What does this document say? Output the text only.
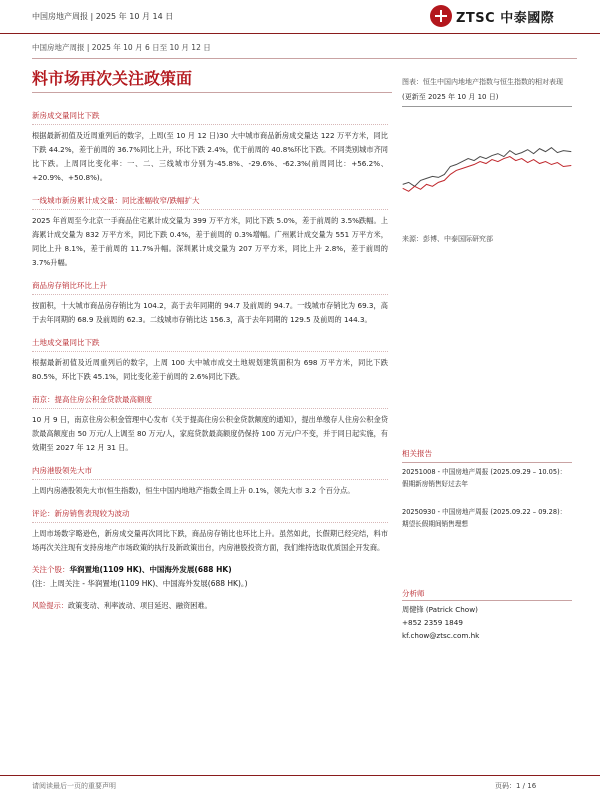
中国房地产周报 | 2025 年 10 月 14 日	ZTSC 中泰國際
中国房地产周报 | 2025 年 10 月 6 日至 10 月 12 日
料市场再次关注政策面
新房成交量同比下跌
根据最新初值及近周重列后的数字，上周(至 10 月 12 日)30 大中城市商品新房成交量达 122 万平方米，同比下跌 44.2%，差于前周的 36.7%同比上升，环比下跌 2.4%，优于前周的 40.8%环比下跌。不同类别城市齐同比下跌。上周同比变化率：一、二、三线城市分别为-45.8%、-29.6%、-62.3%(前周同比：+56.2%、+20.9%、+50.8%)。
一线城市新房累计成交量：同比涨幅收窄/跌幅扩大
2025 年首周至今北京一手商品住宅累计成交量为 399 万平方米，同比下跌 5.0%，差于前周的 3.5%跌幅。上海累计成交量为 832 万平方米，同比下跌 0.4%，差于前周的 0.3%增幅。广州累计成交量为 551 万平方米，同比上升 8.1%，差于前周的 11.7%升幅。深圳累计成交量为 207 万平方米，同比上升 2.8%，差于前周的 3.7%升幅。
商品房存销比环比上升
按面积，十大城市商品房存销比为 104.2，高于去年同期的 94.7 及前周的 94.7。一线城市存销比为 69.3，高于去年同期的 68.9 及前周的 62.3。二线城市存销比达 156.3，高于去年同期的 129.5 及前周的 144.3。
土地成交量同比下跌
根据最新初值及近周重列后的数字，上周 100 大中城市成交土地规划建筑面积为 698 万平方米，同比下跌 80.5%，环比下跌 45.1%，同比变化差于前周的 2.6%同比下跌。
南京：提高住房公积金贷款最高额度
10 月 9 日，南京住房公积金管理中心发布《关于提高住房公积金贷款额度的通知》，提出单缴存人住房公积金贷款最高额度由 50 万元/人上调至 80 万元/人，家庭贷款最高额度仍保持 100 万元/户不变，并于同日起实施，有效期至 2027 年 12 月 31 日。
内房港股领先大市
上周内房港股领先大市(恒生指数)，恒生中国内地地产指数全周上升 0.1%，领先大市 3.2 个百分点。
评论：新房销售表现较为波动
上周市场数字略逊色，新房成交量再次同比下跌，商品房存销比也环比上升。虽然如此，长假期已经完结，料市场再次关注现有支持房地产市场政策的执行及新政策出台，内房港股投资方面，我们维持选取优质国企开发商。
关注个股：华润置地(1109 HK)、中国海外发展(688 HK)
(注：上周关注 - 华润置地(1109 HK)、中国海外发展(688 HK)。)
风险提示：政策变动、利率波动、项目延迟、融资困难。
图表：恒生中国内地地产指数与恒生指数的相对表现
(更新至 2025 年 10 月 10 日)
来源：彭博、中泰国际研究部
相关报告
20251008 - 中国房地产周报 (2025.09.29 – 10.05)：假期新房销售好过去年
20250930 - 中国房地产周报 (2025.09.22 – 09.28)：期望长假期间销售理想
分析师
周健锋 (Patrick Chow)
+852 2359 1849
kf.chow@ztsc.com.hk
请阅读最后一页的重要声明	页码：1 / 16
